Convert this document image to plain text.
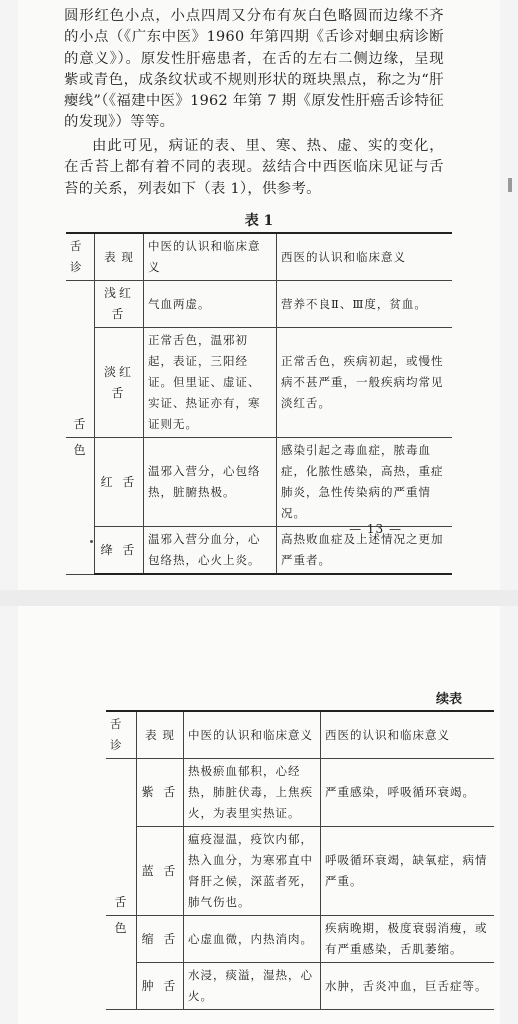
圆形红色小点，小点四周又分布有灰白色略圆而边缘不齐的小点（《广东中医》1960 年第四期《舌诊对蛔虫病诊断的意义》）。原发性肝癌患者，在舌的左右二侧边缘，呈现紫或青色，成条纹状或不规则形状的斑块黑点，称之为“肝瘿线”（《福建中医》1962 年第 7 期《原发性肝癌舌诊特征的发现》）等等。
由此可见，病证的表、里、寒、热、虚、实的变化，在舌苔上都有着不同的表现。兹结合中西医临床见证与舌苔的关系，列表如下（表 1），供参考。
表 1
舌诊	表 现	中医的认识和临床意义	西医的认识和临床意义
舌	浅红舌	气血两虚。	营养不良Ⅱ、Ⅲ度，贫血。
	淡红舌	正常舌色，温邪初起，表证，三阳经证。但里证、虚证、实证、热证亦有，寒证则无。	正常舌色，疾病初起，或慢性病不甚严重，一般疾病均常见淡红舌。
色	红 舌	温邪入营分，心包络热，脏腑热极。	感染引起之毒血症，脓毒血症，化脓性感染，高热，重症肺炎，急性传染病的严重情况。
	绛 舌	温邪入营分血分，心包络热，心火上炎。	高热败血症及上述情况之更加严重者。
— 13 —
续表
舌诊	表 现	中医的认识和临床意义	西医的认识和临床意义
舌	紫 舌	热极瘀血郁积，心经热，肺脏伏毒，上焦疾火，为表里实热证。	严重感染，呼吸循环衰竭。
	蓝 舌	瘟疫湿温，疫饮内郁，热入血分，为寒邪直中肾肝之候，深蓝者死，肺气伤也。	呼吸循环衰竭，缺氧症，病情严重。
色	缩 舌	心虚血微，内热消肉。	疾病晚期，极度衰弱消瘦，或有严重感染，舌肌萎缩。
	肿 舌	水浸，痰溢，湿热，心火。	水肿，舌炎冲血，巨舌症等。
